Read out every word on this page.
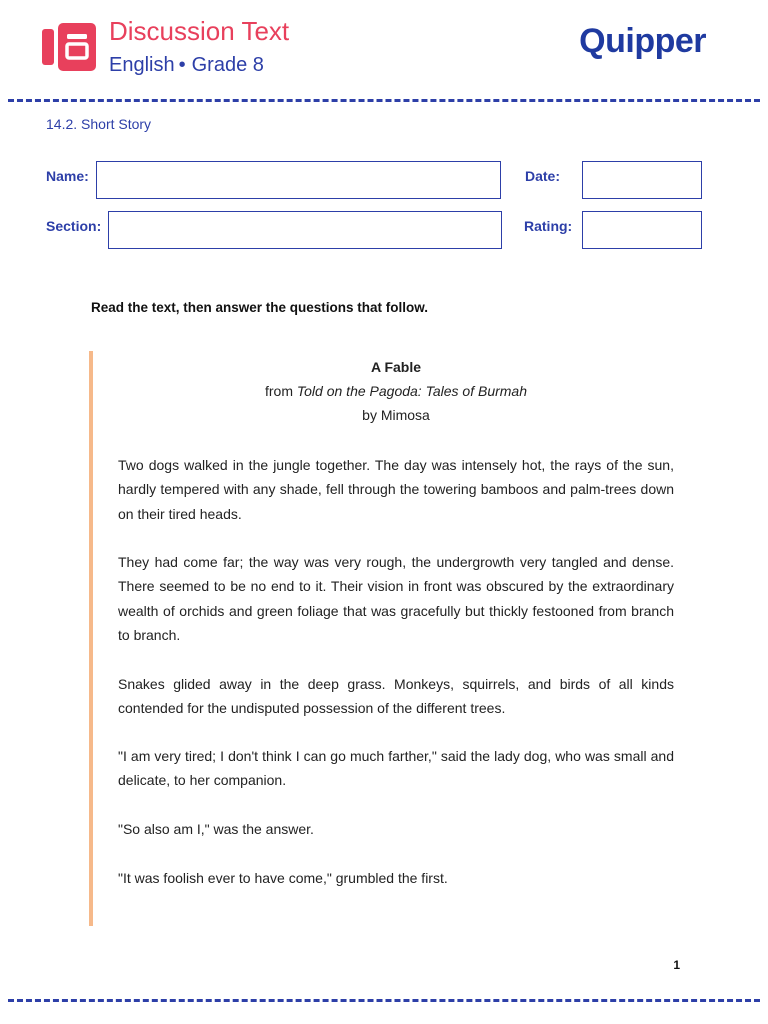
Discussion Text
English • Grade 8
Quipper
14.2. Short Story
Name:	Date:
Section:	Rating:
Read the text, then answer the questions that follow.
A Fable
from Told on the Pagoda: Tales of Burmah
by Mimosa

Two dogs walked in the jungle together. The day was intensely hot, the rays of the sun, hardly tempered with any shade, fell through the towering bamboos and palm-trees down on their tired heads.

They had come far; the way was very rough, the undergrowth very tangled and dense. There seemed to be no end to it. Their vision in front was obscured by the extraordinary wealth of orchids and green foliage that was gracefully but thickly festooned from branch to branch.

Snakes glided away in the deep grass. Monkeys, squirrels, and birds of all kinds contended for the undisputed possession of the different trees.

"I am very tired; I don't think I can go much farther," said the lady dog, who was small and delicate, to her companion.

"So also am I," was the answer.

"It was foolish ever to have come," grumbled the first.

1
